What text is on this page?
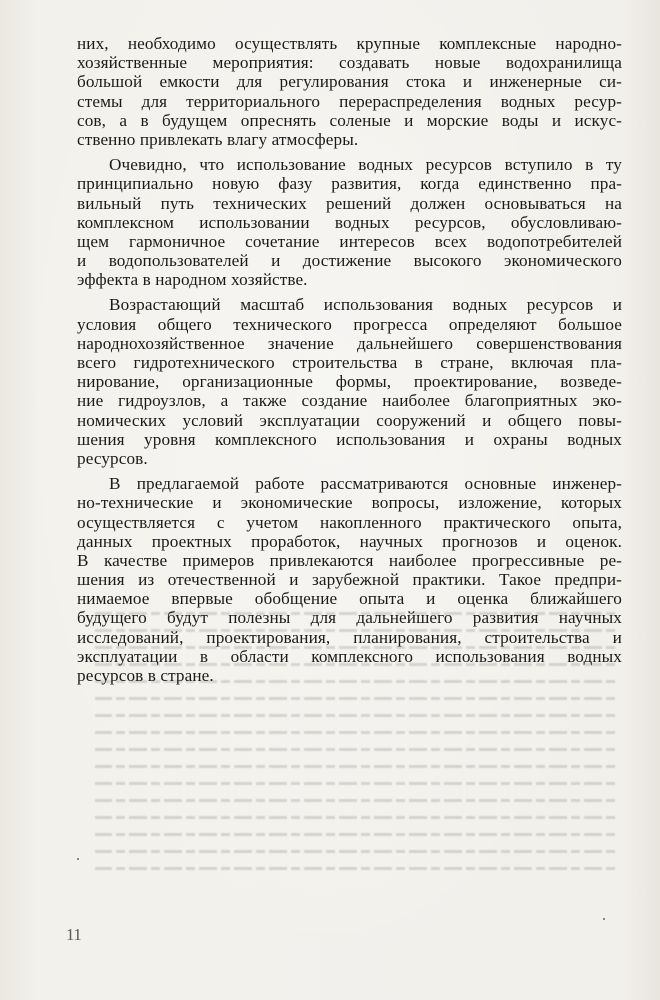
них, необходимо осуществлять крупные комплексные народно-
хозяйственные мероприятия: создавать новые водохранилища
большой емкости для регулирования стока и инженерные си-
стемы для территориального перераспределения водных ресур-
сов, а в будущем опреснять соленые и морские воды и искус-
ственно привлекать влагу атмосферы.
Очевидно, что использование водных ресурсов вступило в ту
принципиально новую фазу развития, когда единственно пра-
вильный путь технических решений должен основываться на
комплексном использовании водных ресурсов, обусловливаю-
щем гармоничное сочетание интересов всех водопотребителей
и водопользователей и достижение высокого экономического
эффекта в народном хозяйстве.
Возрастающий масштаб использования водных ресурсов и
условия общего технического прогресса определяют большое
народнохозяйственное значение дальнейшего совершенствования
всего гидротехнического строительства в стране, включая пла-
нирование, организационные формы, проектирование, возведе-
ние гидроузлов, а также создание наиболее благоприятных эко-
номических условий эксплуатации сооружений и общего повы-
шения уровня комплексного использования и охраны водных
ресурсов.
В предлагаемой работе рассматриваются основные инженер-
но-технические и экономические вопросы, изложение, которых
осуществляется с учетом накопленного практического опыта,
данных проектных проработок, научных прогнозов и оценок.
В качестве примеров привлекаются наиболее прогрессивные ре-
шения из отечественной и зарубежной практики. Такое предпри-
нимаемое впервые обобщение опыта и оценка ближайшего
будущего будут полезны для дальнейшего развития научных
исследований, проектирования, планирования, строительства и
эксплуатации в области комплексного использования водных
ресурсов в стране.
11
